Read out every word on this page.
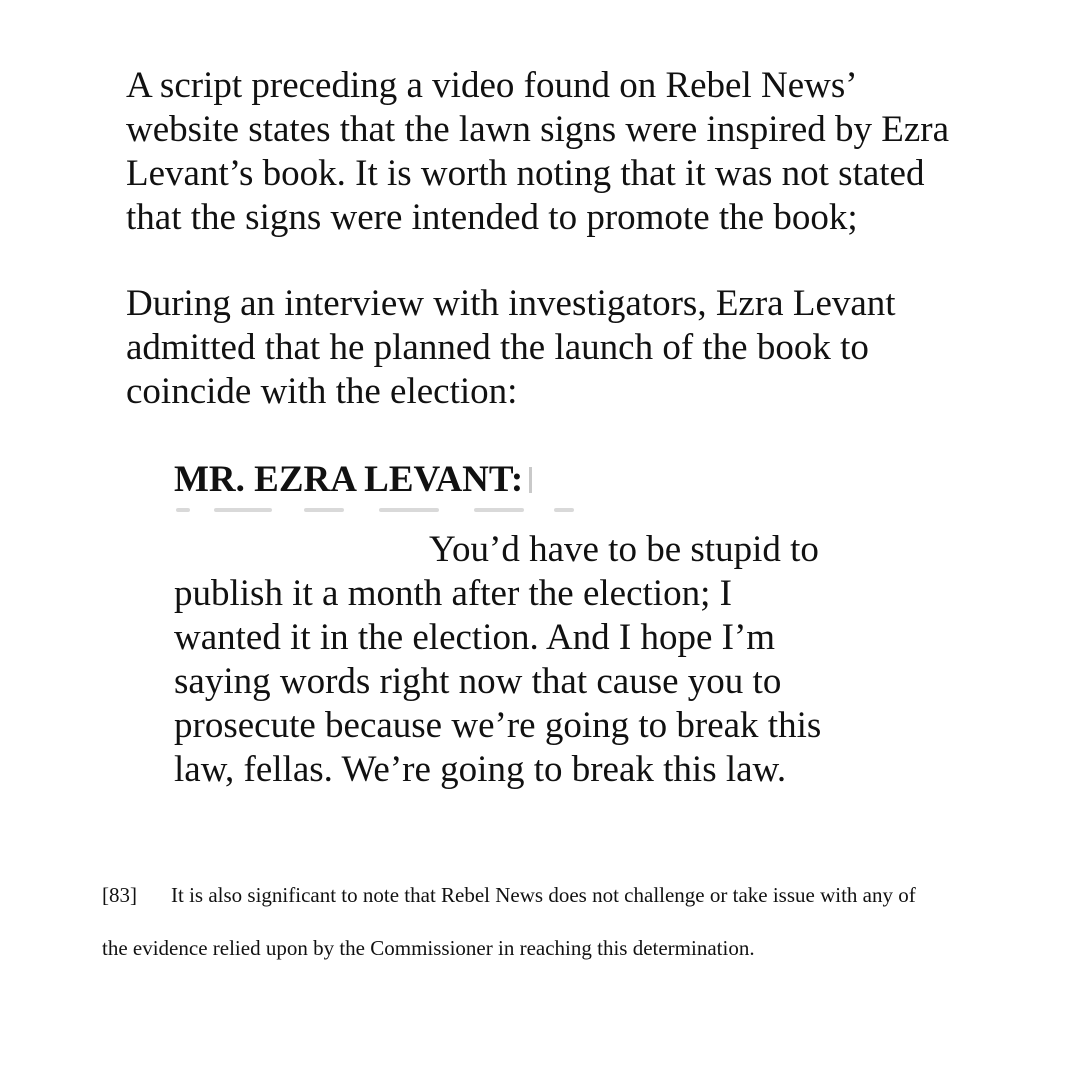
A script preceding a video found on Rebel News’
website states that the lawn signs were inspired by Ezra
Levant’s book. It is worth noting that it was not stated
that the signs were intended to promote the book;
During an interview with investigators, Ezra Levant
admitted that he planned the launch of the book to
coincide with the election:
MR. EZRA LEVANT:
You’d have to be stupid to
publish it a month after the election; I
wanted it in the election. And I hope I’m
saying words right now that cause you to
prosecute because we’re going to break this
law, fellas. We’re going to break this law.
[83] It is also significant to note that Rebel News does not challenge or take issue with any of
the evidence relied upon by the Commissioner in reaching this determination.
